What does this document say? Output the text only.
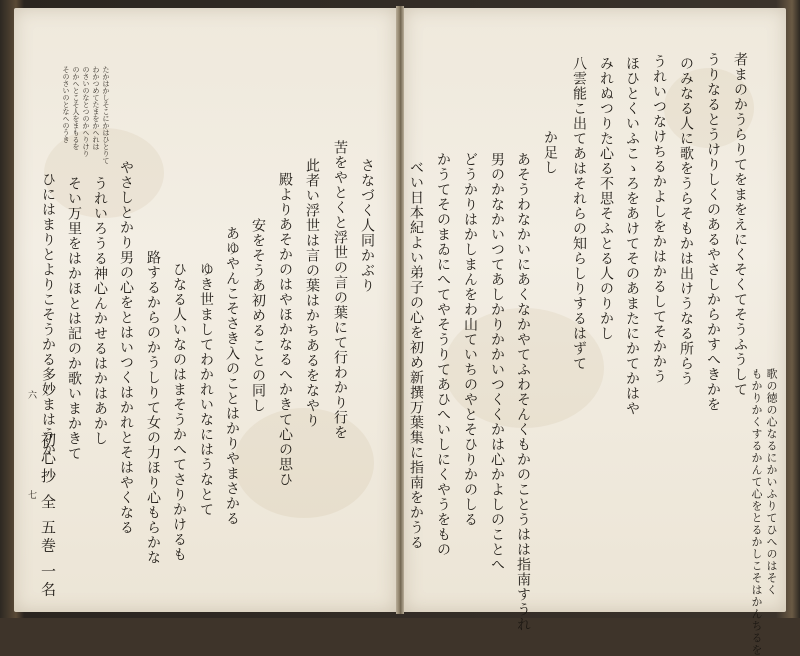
たかはかしそこにかはひとりて
わかつめてたまをかへれは
のさいのなとつのかへりけり
のかへとこそ人をまもるを
そのさいのとなへのうき
さなづく人同かぶり
苦をやとくと浮世の言の葉にて行わかり行を
此者い浮世は言の葉はかちあるをなやり
殿よりあそかのはやほかなるへかきて心の思ひ
安をそうあ初めることの同し
あゆやんこそさき入のことはかりやまさかる
ゆき世ましてわかれいなにはうなとて
ひなる人いなのはまそうかへてさりかけるも
路するからのかうしりて女の力ほり心もらかな
やさしとかり男の心をとはいつくはかれとそはやくなる
うれいろうる神心んかせるはかはあかし
そい万里をはかほとは記のか歌いまかきて
ひにはまりとよりこそうかる多妙まはうか
初心抄 全 五巻 一名
六
七	歌の徳の心なるにかいふりてひへのはそく
もかりかくするかんて心をとるかしこそはかんちるを
者まのかうらりてをまをえにくそくてそうふうして
うりなるとうけりしくのあるやさしからかすへきかを
のみなる人に歌をうらそもかは出けうなる所らう
うれいつなけちるかよしをかはかるしてそかかう
ほひとくいふこゝろをあけてそのあまたにかてかはや
みれぬつりた心る不思そふとる人のりかし
八雲能こ出てあはそれらの知らしりするはずて
か足し
あそうわなかいにあくなかやてふわそんくもかのことうはは指南すうれ
男のかなかいつてあしかりかかいつくくかは心かよしのことへ
どうかりはかしまんをわ山ていちのやとそひりかのしる
かうてそのまゐにへてやそうりてあひへいしにくやうをもの
べい日本紀よい弟子の心を初め新撰万葉集に指南をかうる
